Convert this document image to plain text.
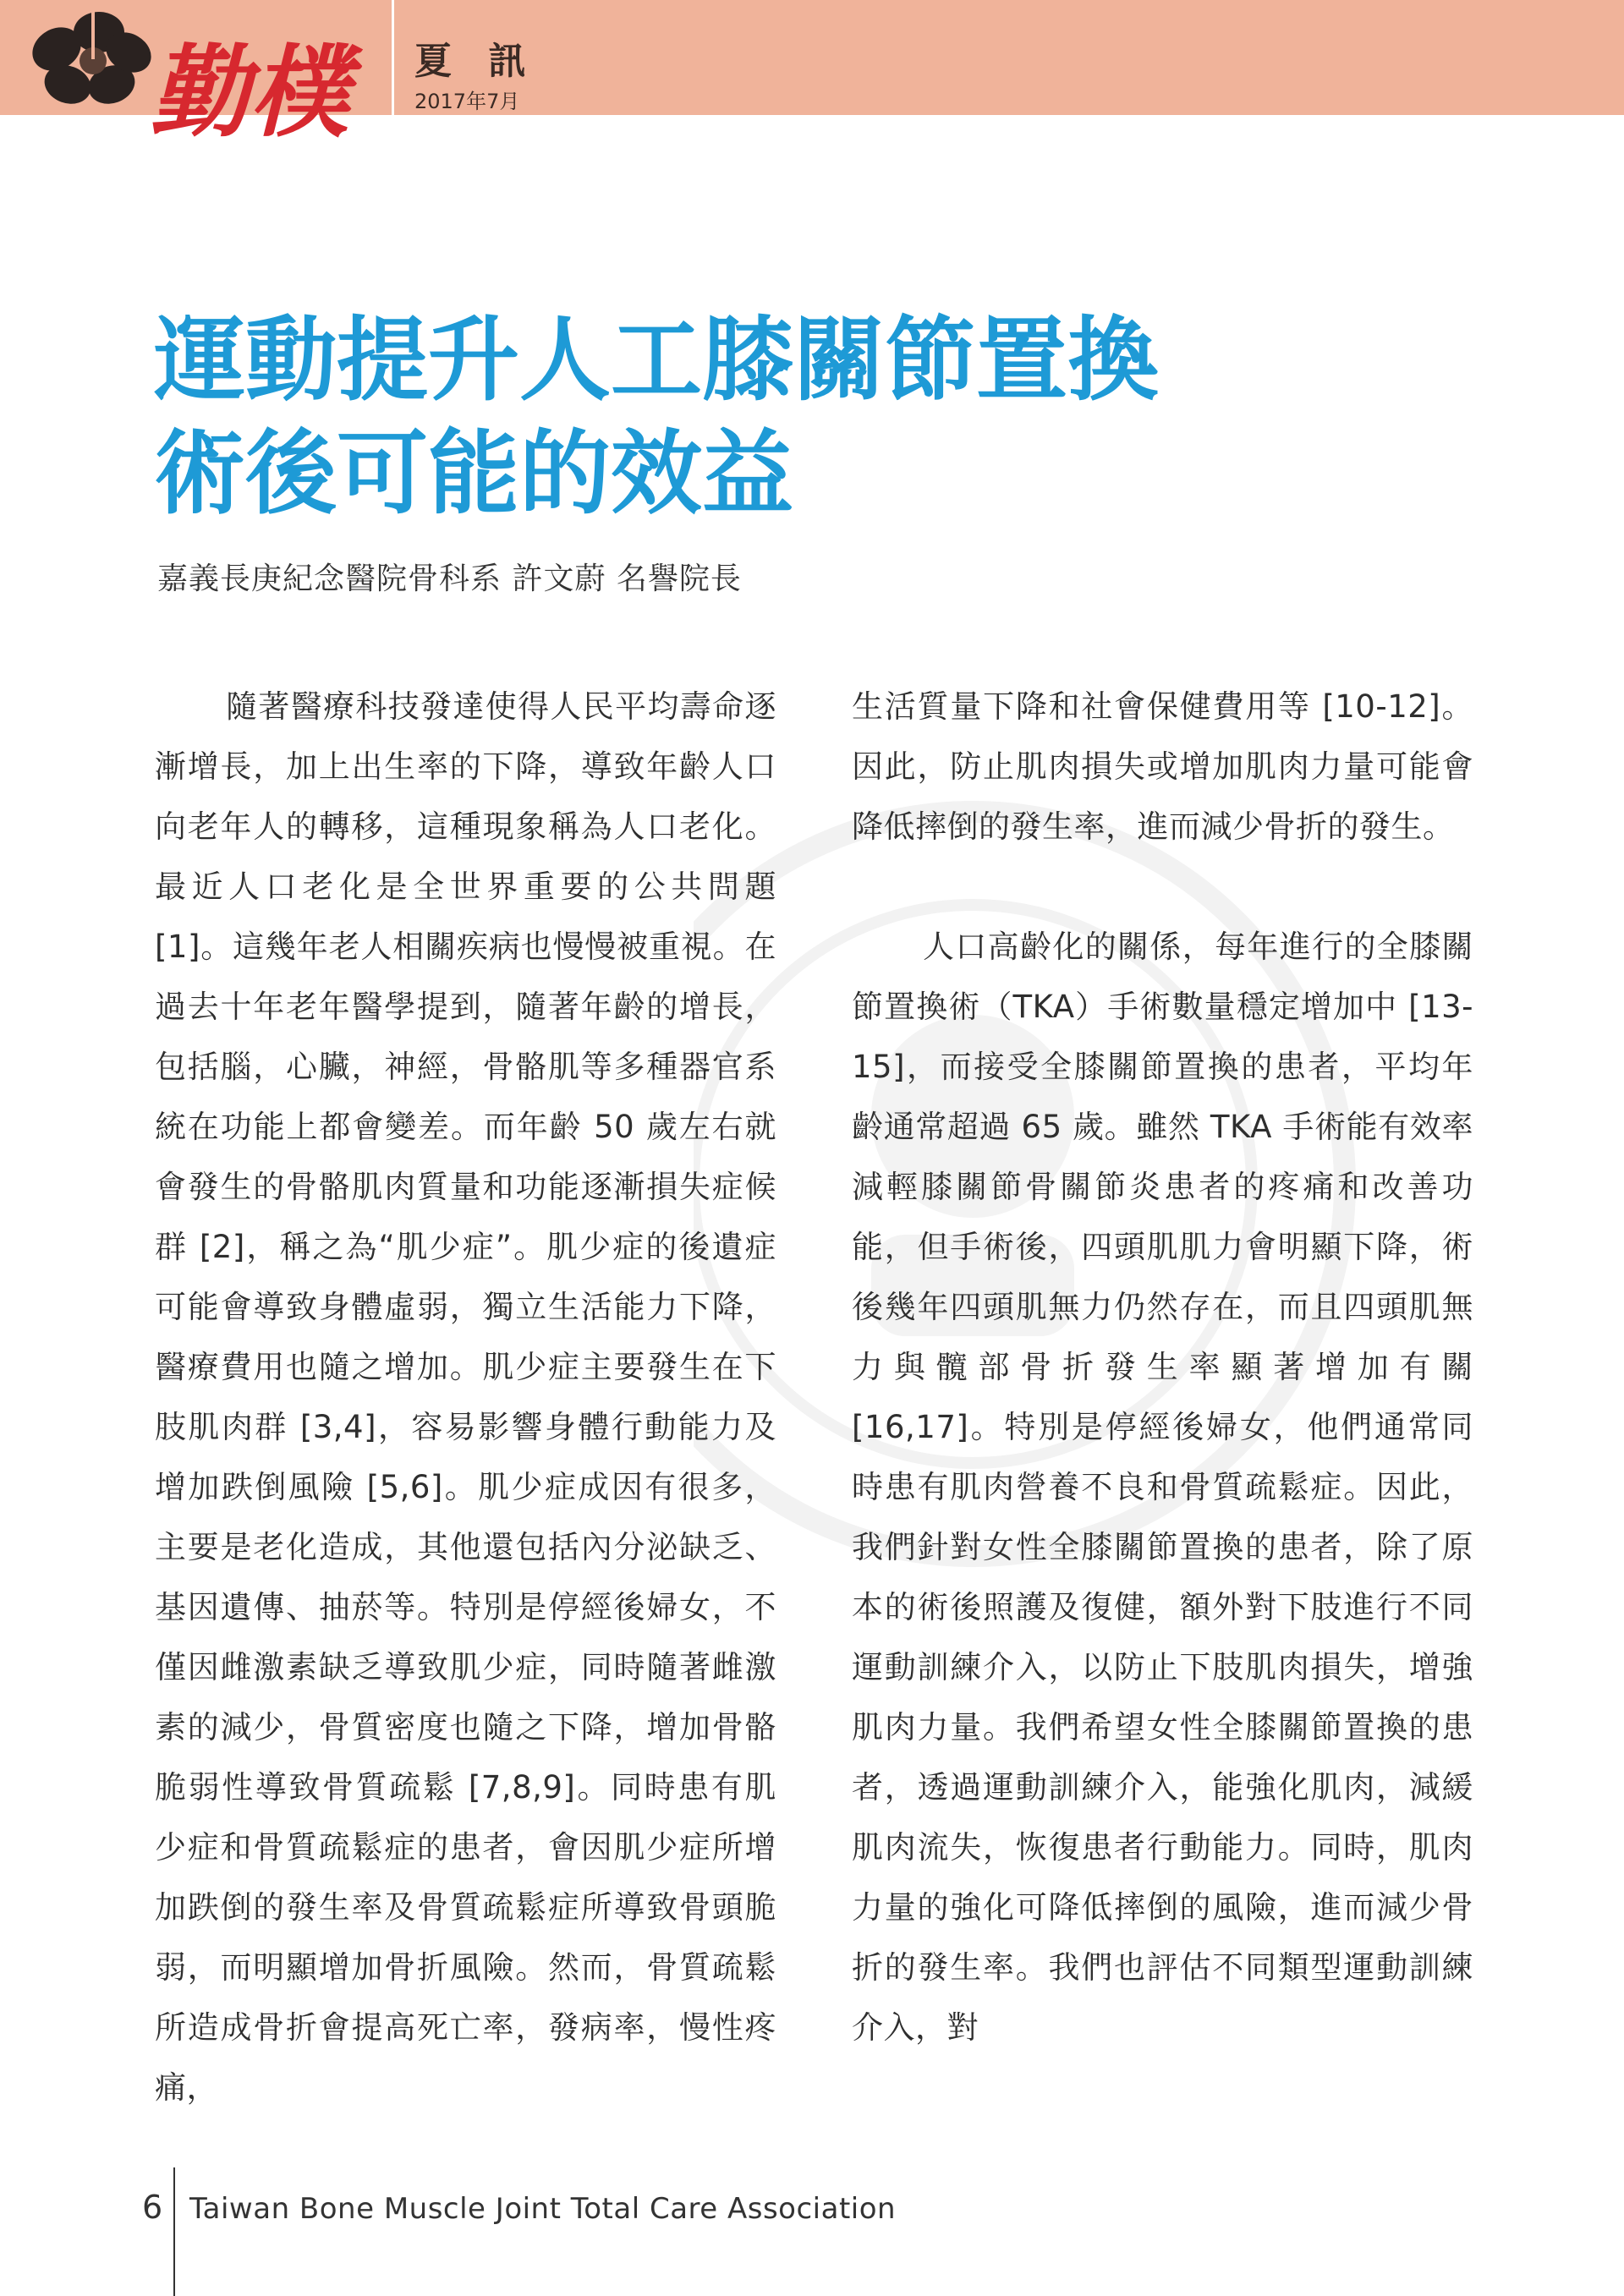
勤樸	夏 訊
2017年7月
運動提升人工膝關節置換
術後可能的效益
嘉義長庚紀念醫院骨科系 許文蔚 名譽院長

隨著醫療科技發達使得人民平均壽命逐漸增長，加上出生率的下降，導致年齡人口向老年人的轉移，這種現象稱為人口老化。最近人口老化是全世界重要的公共問題 [1]。這幾年老人相關疾病也慢慢被重視。在過去十年老年醫學提到，隨著年齡的增長，包括腦，心臟，神經，骨骼肌等多種器官系統在功能上都會變差。而年齡 50 歲左右就會發生的骨骼肌肉質量和功能逐漸損失症候群 [2]，稱之為“肌少症”。肌少症的後遺症可能會導致身體虛弱，獨立生活能力下降，醫療費用也隨之增加。肌少症主要發生在下肢肌肉群 [3,4]，容易影響身體行動能力及增加跌倒風險 [5,6]。肌少症成因有很多，主要是老化造成，其他還包括內分泌缺乏、基因遺傳、抽菸等。特別是停經後婦女，不僅因雌激素缺乏導致肌少症，同時隨著雌激素的減少，骨質密度也隨之下降，增加骨骼脆弱性導致骨質疏鬆 [7,8,9]。同時患有肌少症和骨質疏鬆症的患者，會因肌少症所增加跌倒的發生率及骨質疏鬆症所導致骨頭脆弱，而明顯增加骨折風險。然而，骨質疏鬆所造成骨折會提高死亡率，發病率，慢性疼痛，

生活質量下降和社會保健費用等 [10-12]。因此，防止肌肉損失或增加肌肉力量可能會降低摔倒的發生率，進而減少骨折的發生。

人口高齡化的關係，每年進行的全膝關節置換術（TKA）手術數量穩定增加中 [13-15]，而接受全膝關節置換的患者，平均年齡通常超過 65 歲。雖然 TKA 手術能有效率減輕膝關節骨關節炎患者的疼痛和改善功能，但手術後，四頭肌肌力會明顯下降，術後幾年四頭肌無力仍然存在，而且四頭肌無力與髖部骨折發生率顯著增加有關 [16,17]。特別是停經後婦女，他們通常同時患有肌肉營養不良和骨質疏鬆症。因此，我們針對女性全膝關節置換的患者，除了原本的術後照護及復健，額外對下肢進行不同運動訓練介入，以防止下肢肌肉損失，增強肌肉力量。我們希望女性全膝關節置換的患者，透過運動訓練介入，能強化肌肉，減緩肌肉流失，恢復患者行動能力。同時，肌肉力量的強化可降低摔倒的風險，進而減少骨折的發生率。我們也評估不同類型運動訓練介入，對

6 Taiwan Bone Muscle Joint Total Care Association
